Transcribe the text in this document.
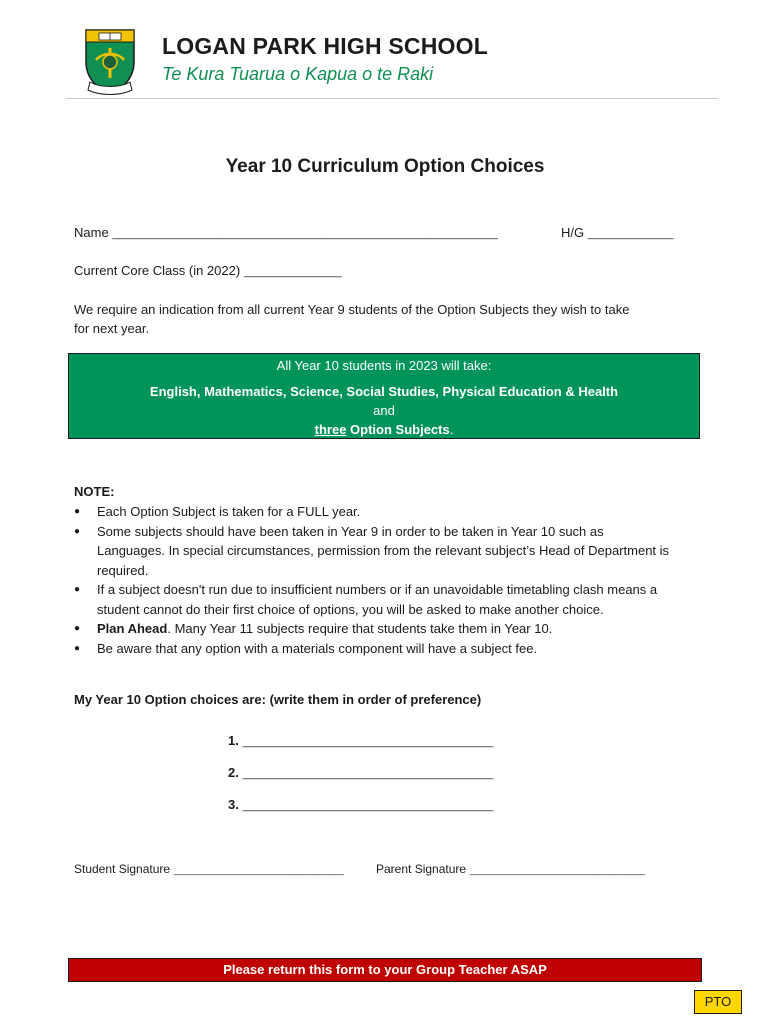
LOGAN PARK HIGH SCHOOL
Te Kura Tuarua o Kapua o te Raki
Year 10 Curriculum Option Choices
Name _______________________________________________________________	H/G ______________
Current Core Class (in 2022) ________________
We require an indication from all current Year 9 students of the Option Subjects they wish to take
for next year.
All Year 10 students in 2023 will take:
English, Mathematics, Science, Social Studies, Physical Education & Health
and
three Option Subjects.
NOTE:
● Each Option Subject is taken for a FULL year.
● Some subjects should have been taken in Year 9 in order to be taken in Year 10 such as Languages. In special circumstances, permission from the relevant subject’s Head of Department is required.
● If a subject doesn't run due to insufficient numbers or if an unavoidable timetabling clash means a student cannot do their first choice of options, you will be asked to make another choice.
● Plan Ahead. Many Year 11 subjects require that students take them in Year 10.
● Be aware that any option with a materials component will have a subject fee.
My Year 10 Option choices are: (write them in order of preference)
1. _________________________________________
2. _________________________________________
3. _________________________________________
Student Signature __________________________________	Parent Signature ___________________________________
Please return this form to your Group Teacher ASAP
PTO
